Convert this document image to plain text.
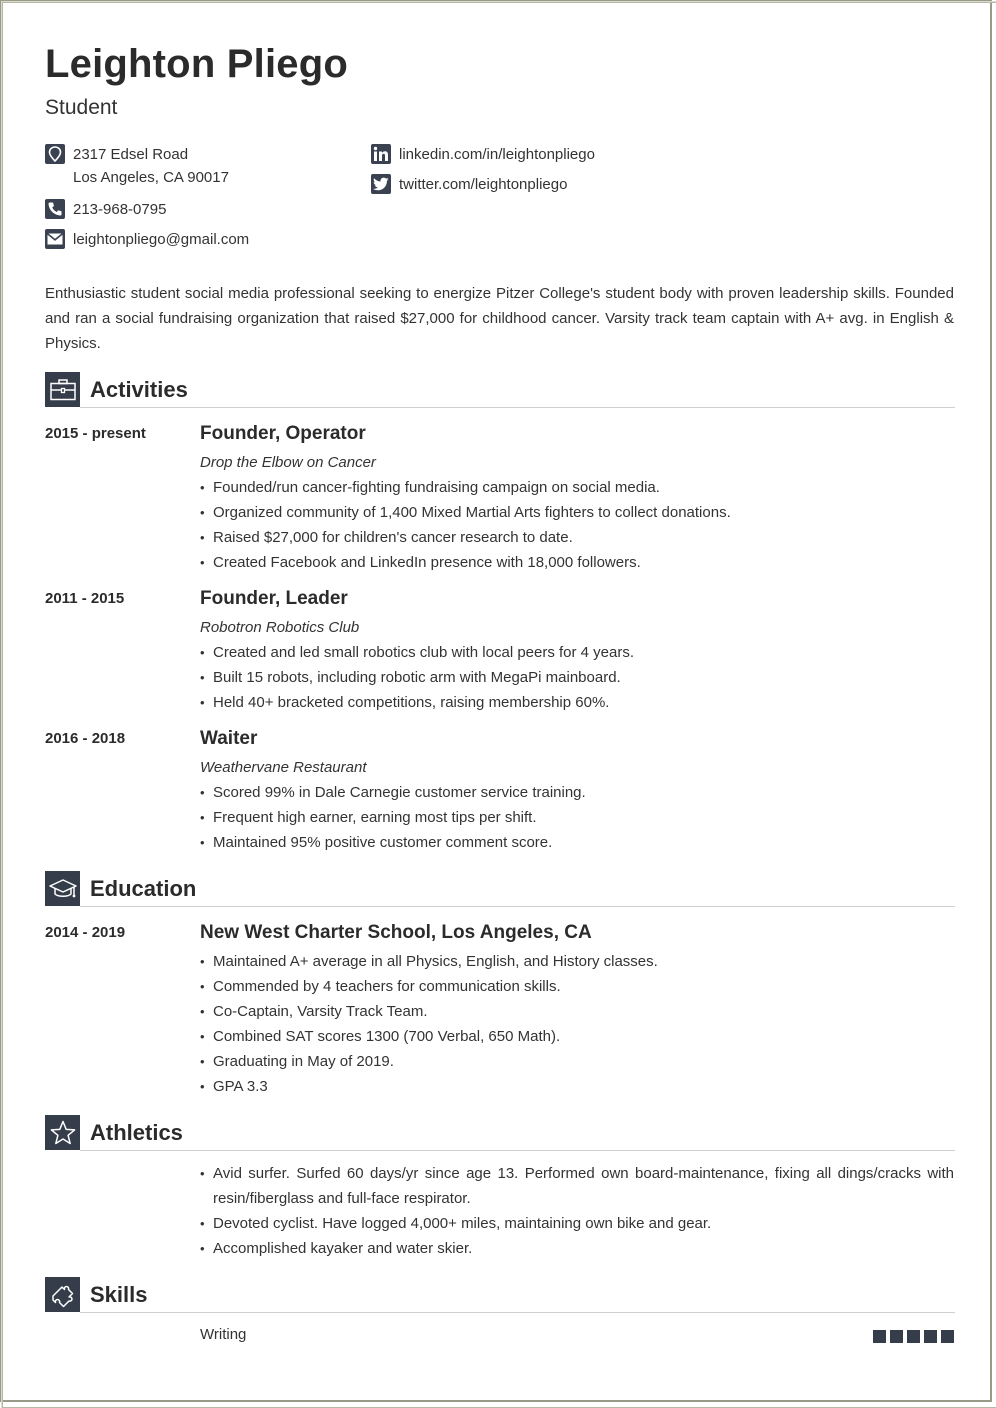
Leighton Pliego
Student
2317 Edsel Road
Los Angeles, CA 90017
213-968-0795
leightonpliego@gmail.com
linkedin.com/in/leightonpliego
twitter.com/leightonpliego
Enthusiastic student social media professional seeking to energize Pitzer College's student body with proven leadership skills. Founded and ran a social fundraising organization that raised $27,000 for childhood cancer. Varsity track team captain with A+ avg. in English & Physics.
Activities
2015 - present	Founder, Operator
Drop the Elbow on Cancer
• Founded/run cancer-fighting fundraising campaign on social media.
• Organized community of 1,400 Mixed Martial Arts fighters to collect donations.
• Raised $27,000 for children's cancer research to date.
• Created Facebook and LinkedIn presence with 18,000 followers.
2011 - 2015	Founder, Leader
Robotron Robotics Club
• Created and led small robotics club with local peers for 4 years.
• Built 15 robots, including robotic arm with MegaPi mainboard.
• Held 40+ bracketed competitions, raising membership 60%.
2016 - 2018	Waiter
Weathervane Restaurant
• Scored 99% in Dale Carnegie customer service training.
• Frequent high earner, earning most tips per shift.
• Maintained 95% positive customer comment score.
Education
2014 - 2019	New West Charter School, Los Angeles, CA
• Maintained A+ average in all Physics, English, and History classes.
• Commended by 4 teachers for communication skills.
• Co-Captain, Varsity Track Team.
• Combined SAT scores 1300 (700 Verbal, 650 Math).
• Graduating in May of 2019.
• GPA 3.3
Athletics
• Avid surfer. Surfed 60 days/yr since age 13. Performed own board-maintenance, fixing all dings/cracks with resin/fiberglass and full-face respirator.
• Devoted cyclist. Have logged 4,000+ miles, maintaining own bike and gear.
• Accomplished kayaker and water skier.
Skills
Writing
